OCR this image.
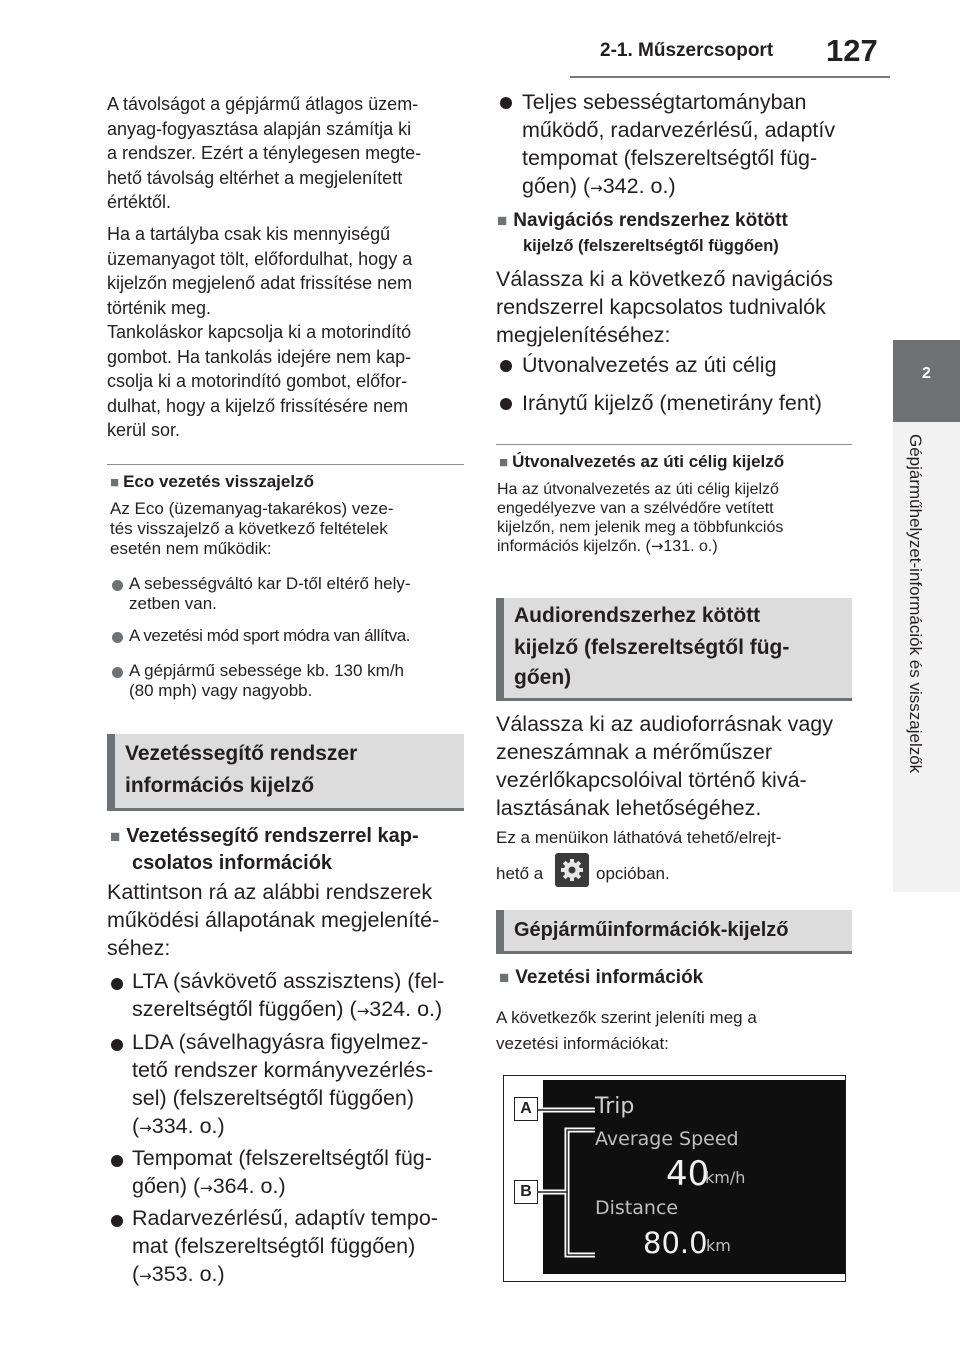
2-1. Műszercsoport 127
2
Gépjárműhelyzet-információk és visszajelzők

A távolságot a gépjármű átlagos üzem-

anyag-fogyasztása alapján számítja ki

a rendszer. Ezért a ténylegesen megte-

hető távolság eltérhet a megjelenített

értéktől.

Ha a tartályba csak kis mennyiségű

üzemanyagot tölt, előfordulhat, hogy a

kijelzőn megjelenő adat frissítése nem

történik meg.

Tankoláskor kapcsolja ki a motorindító

gombot. Ha tankolás idejére nem kap-

csolja ki a motorindító gombot, előfor-

dulhat, hogy a kijelző frissítésére nem

kerül sor.

■ Eco vezetés visszajelző

Az Eco (üzemanyag-takarékos) veze-

tés visszajelző a következő feltételek

esetén nem működik:

A sebességváltó kar D-től eltérő hely-

zetben van.

A vezetési mód sport módra van állítva.

A gépjármű sebessége kb. 130 km/h

(80 mph) vagy nagyobb.

Vezetéssegítő rendszer
információs kijelző

■ Vezetéssegítő rendszerrel kap-

csolatos információk

Kattintson rá az alábbi rendszerek

működési állapotának megjeleníté-

séhez:

LTA (sávkövető asszisztens) (fel-

szereltségtől függően) (→324. o.)

LDA (sávelhagyásra figyelmez-

tető rendszer kormányvezérlés-

sel) (felszereltségtől függően)

(→334. o.)

Tempomat (felszereltségtől füg-

gően) (→364. o.)

Radarvezérlésű, adaptív tempo-

mat (felszereltségtől függően)

(→353. o.)

Teljes sebességtartományban

működő, radarvezérlésű, adaptív

tempomat (felszereltségtől füg-

gően) (→342. o.)

■ Navigációs rendszerhez kötött

kijelző (felszereltségtől függően)

Válassza ki a következő navigációs

rendszerrel kapcsolatos tudnivalók

megjelenítéséhez:

Útvonalvezetés az úti célig
Iránytű kijelző (menetirány fent)
■ Útvonalvezetés az úti célig kijelző

Ha az útvonalvezetés az úti célig kijelző

engedélyezve van a szélvédőre vetített

kijelzőn, nem jelenik meg a többfunkciós

információs kijelzőn. (→131. o.)

Audiorendszerhez kötött
kijelző (felszereltségtől füg-
gően)

Válassza ki az audioforrásnak vagy

zeneszámnak a mérőműszer

vezérlőkapcsolóival történő kivá-

lasztásának lehetőségéhez.

Ez a menüikon láthatóvá tehető/elrejt-
hető a	opcióban.
Gépjárműinformációk-kijelző
■ Vezetési információk

A következők szerint jeleníti meg a

vezetési információkat:

Trip
Average Speed
40
km/h
Distance
80.0
km
A
B
